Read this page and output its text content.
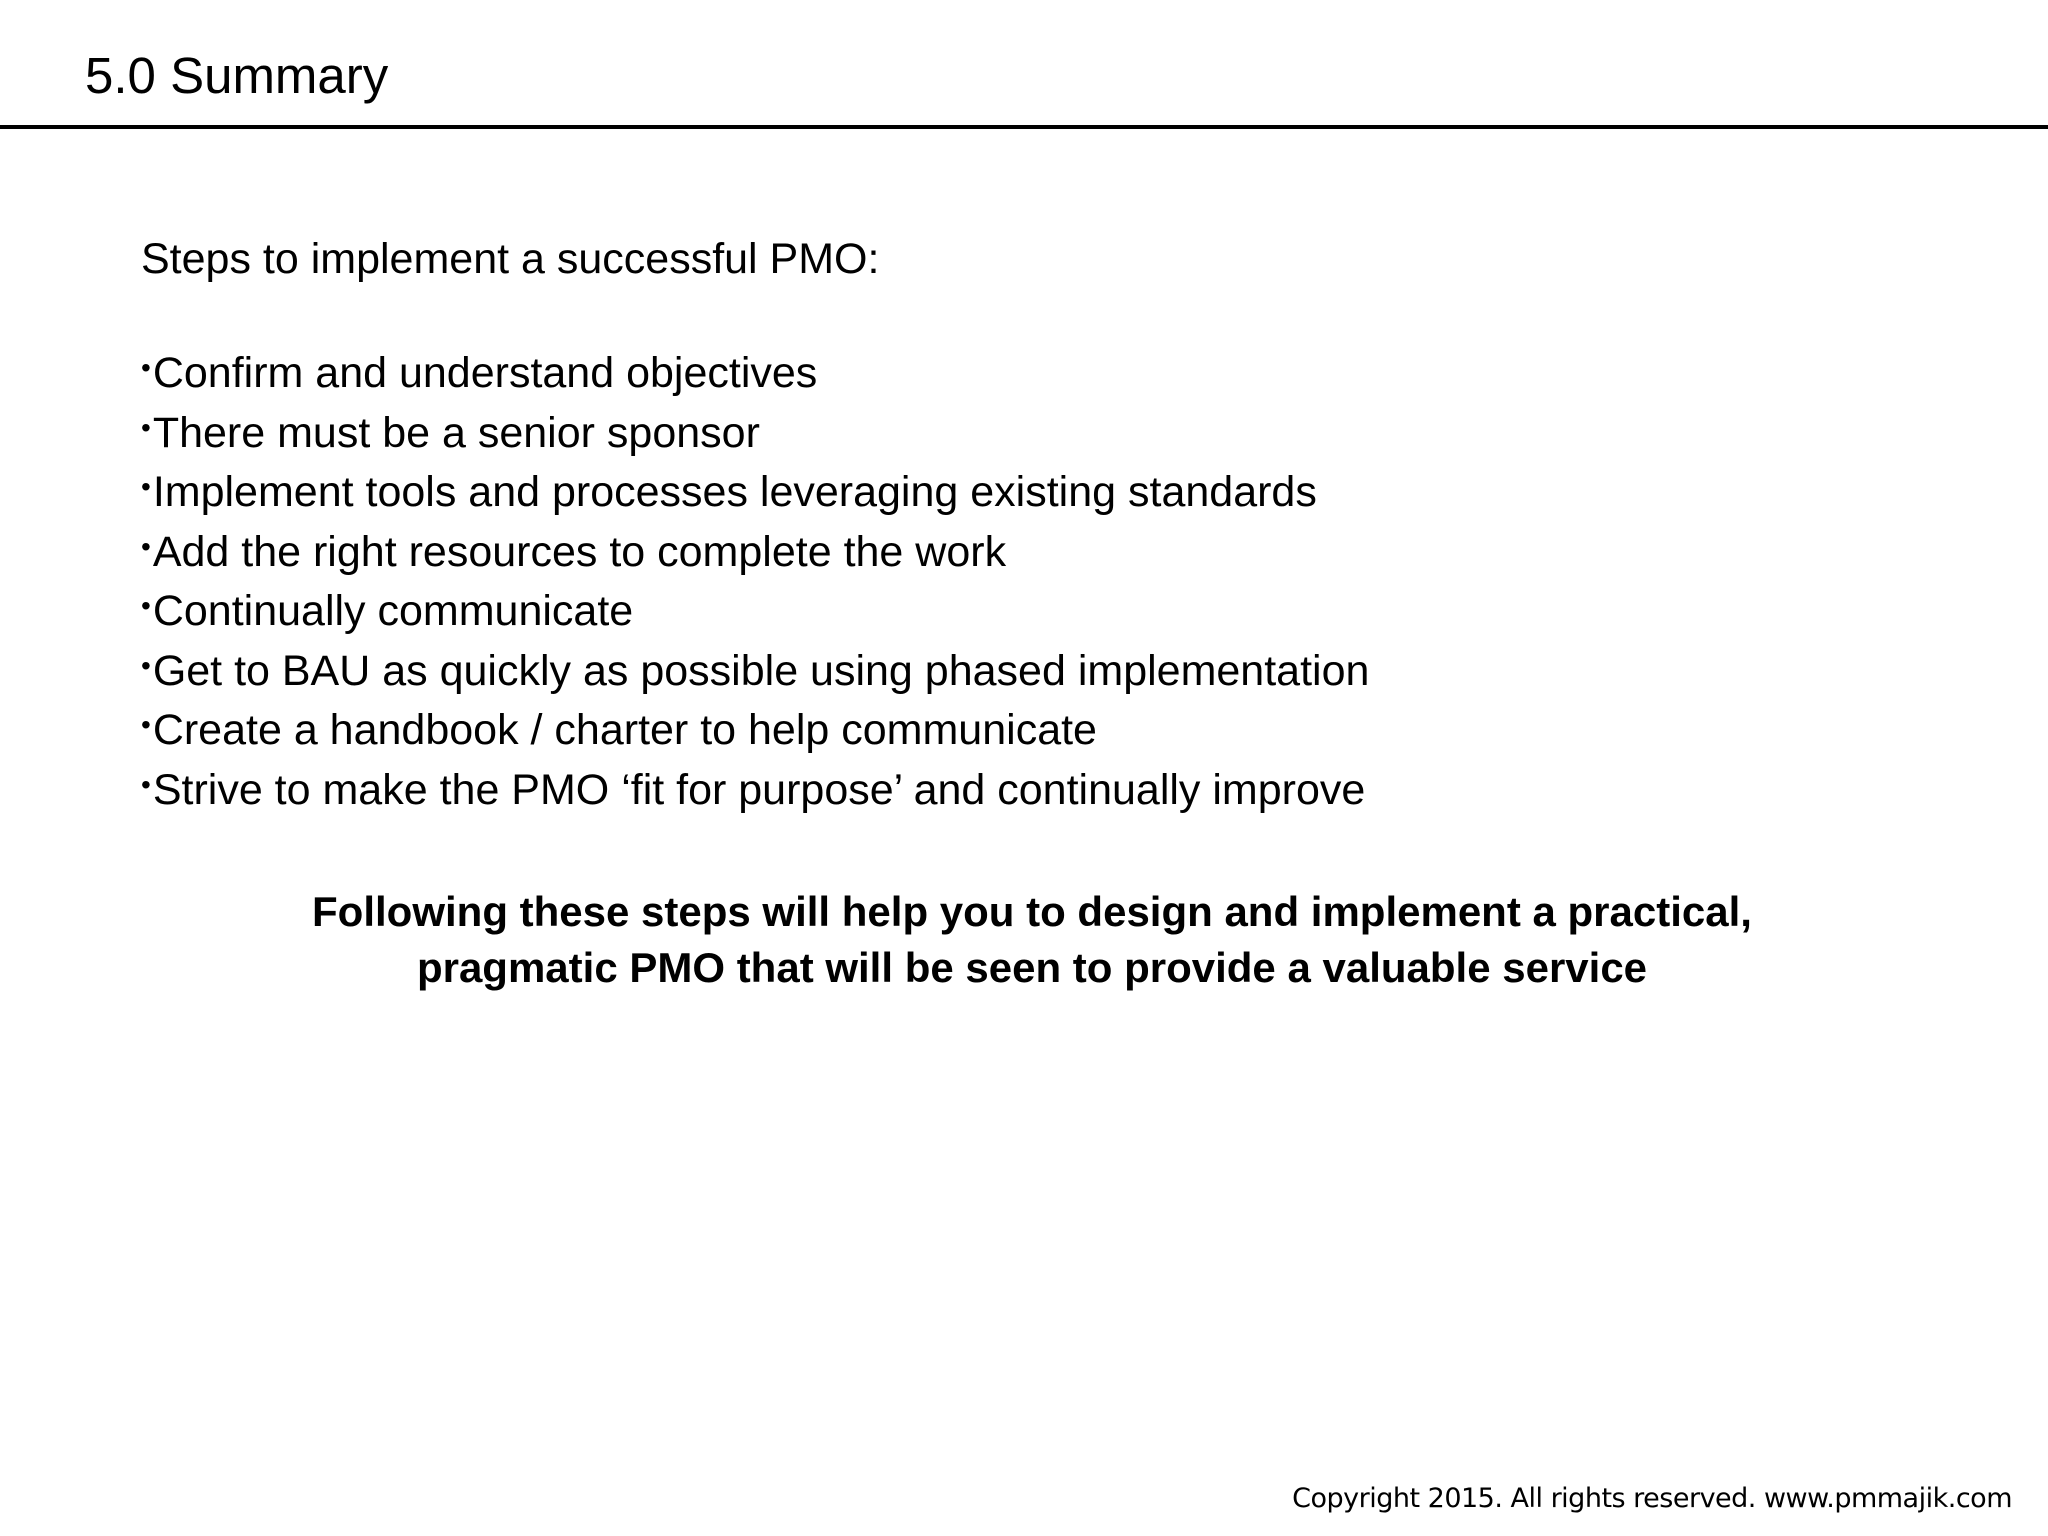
5.0 Summary
Steps to implement a successful PMO:
•Confirm and understand objectives
•There must be a senior sponsor
•Implement tools and processes leveraging existing standards
•Add the right resources to complete the work
•Continually communicate
•Get to BAU as quickly as possible using phased implementation
•Create a handbook / charter to help communicate
•Strive to make the PMO ‘fit for purpose’ and continually improve
Following these steps will help you to design and implement a practical,
pragmatic PMO that will be seen to provide a valuable service
Copyright 2015. All rights reserved. www.pmmajik.com
